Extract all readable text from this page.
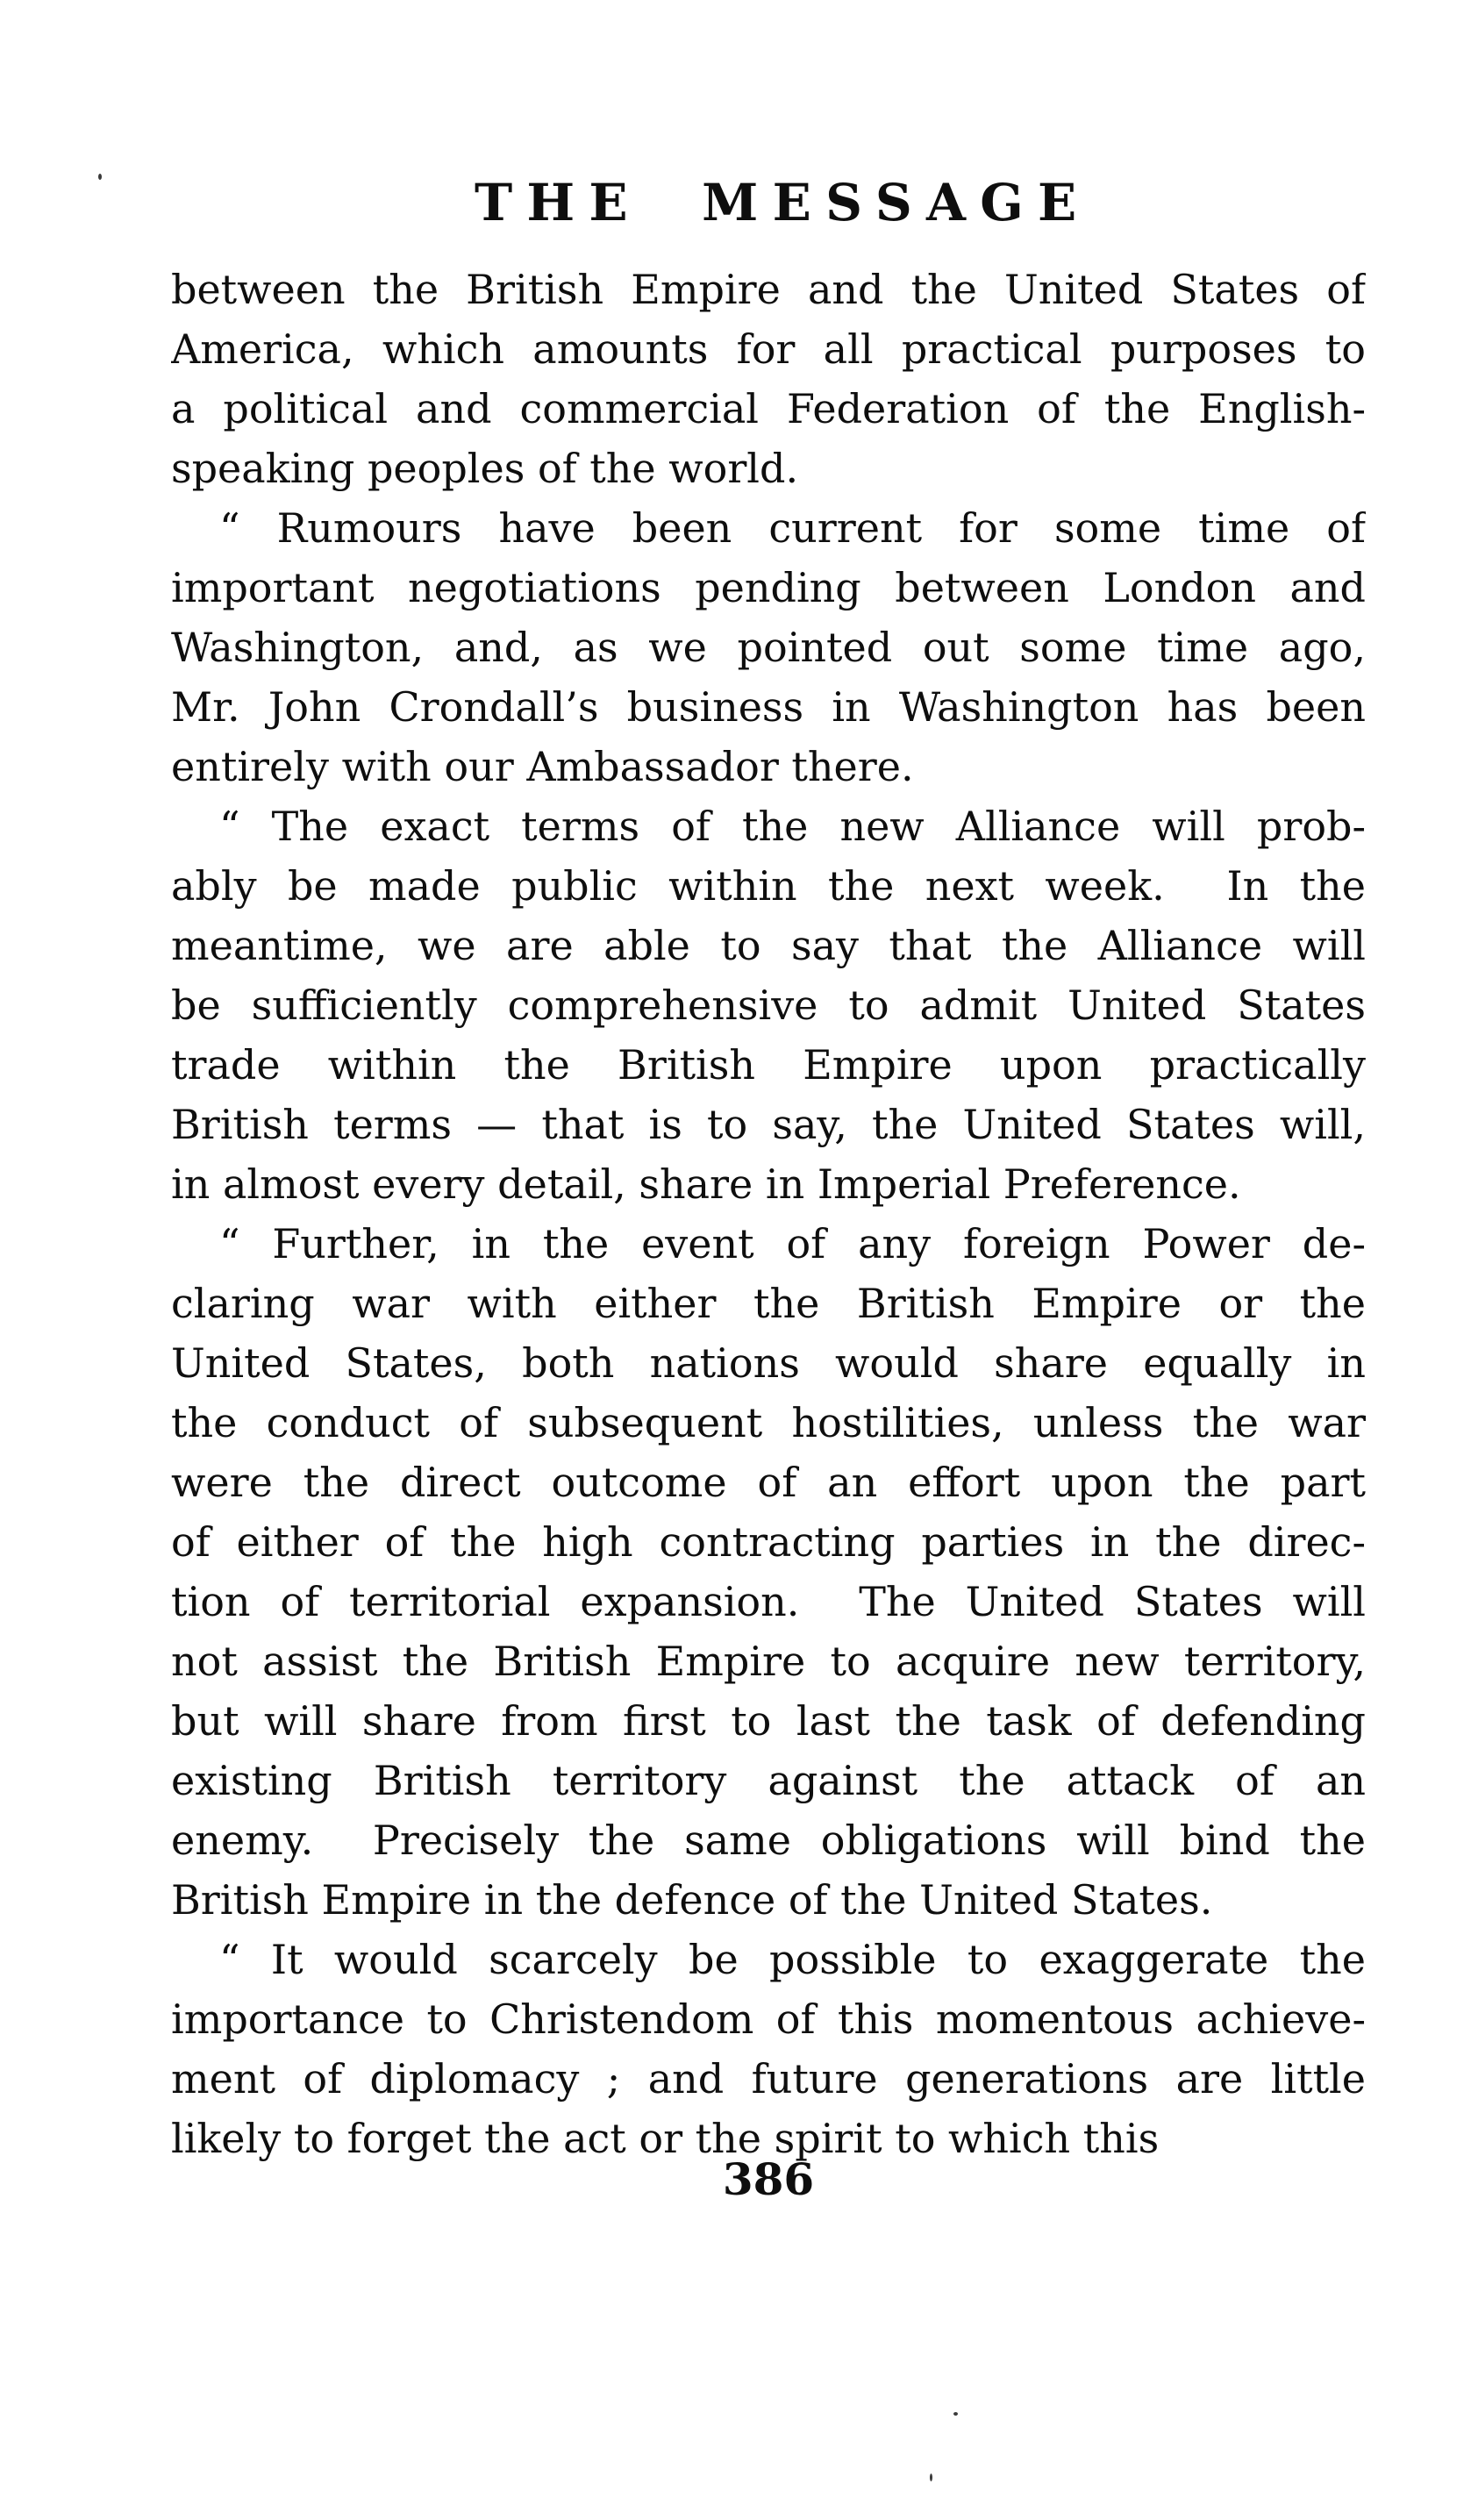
THE MESSAGE
between the British Empire and the United States of
America, which amounts for all practical purposes to
a political and commercial Federation of the English-
speaking peoples of the world.
“ Rumours have been current for some time of
important negotiations pending between London and
Washington, and, as we pointed out some time ago,
Mr. John Crondall’s business in Washington has been
entirely with our Ambassador there.
“ The exact terms of the new Alliance will prob-
ably be made public within the next week.  In the
meantime, we are able to say that the Alliance will
be sufficiently comprehensive to admit United States
trade within the British Empire upon practically
British terms — that is to say, the United States will,
in almost every detail, share in Imperial Preference.
“ Further, in the event of any foreign Power de-
claring war with either the British Empire or the
United States, both nations would share equally in
the conduct of subsequent hostilities, unless the war
were the direct outcome of an effort upon the part
of either of the high contracting parties in the direc-
tion of territorial expansion.  The United States will
not assist the British Empire to acquire new territory,
but will share from first to last the task of defending
existing British territory against the attack of an
enemy.  Precisely the same obligations will bind the
British Empire in the defence of the United States.
“ It would scarcely be possible to exaggerate the
importance to Christendom of this momentous achieve-
ment of diplomacy ; and future generations are little
likely to forget the act or the spirit to which this
386
